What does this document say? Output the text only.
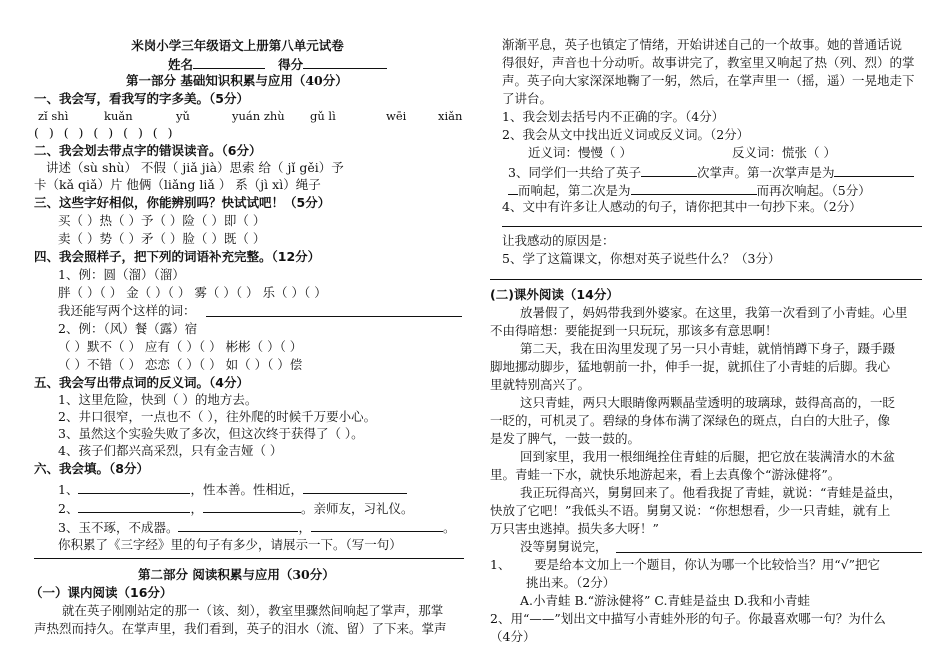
米岗小学三年级语文上册第八单元试卷
姓名	得分
第一部分 基础知识积累与应用（40分）
一、我会写，看我写的字多美。（5分）
zǐ shì	kuǎn	yǔ	yuán zhù gǔ lì	wēi	xiǎn
( ) ( ) ( ) ( ) ( )
二、我会划去带点字的错误读音。（6分）
讲述（sù shù） 不假（ jiǎ jià）思索 给（ jǐ gěi）予
卡（kǎ qiǎ）片 他俩（liǎng liǎ ） 系（jì xì）绳子
三、这些字好相似，你能辨别吗？快试试吧！（5分）
买（ ）热（ ）予（ ）险（ ）即（ ）
卖（ ）势（ ）矛（ ）脸（ ）既（ ）
四、我会照样子，把下列的词语补充完整。（12分）
1、例：圆（溜）（溜）
胖（ ）（ ） 金（ ）（ ） 雾（ ）（ ） 乐（ ）（ ）
我还能写两个这样的词：
2、例：（风）餐（露）宿
（ ）默不（ ） 应有（ ）（ ） 彬彬（ ）（ ）
（ ）不错（ ） 恋恋（ ）（ ） 如（ ）（ ）偿
五、我会写出带点词的反义词。（4分）
1、这里危险，快到（ ）的地方去。
2、井口很窄，一点也不（ ），往外爬的时候千万要小心。
3、虽然这个实验失败了多次，但这次终于获得了（ ）。
4、孩子们都兴高采烈，只有金吉娅（ ）
六、我会填。（8分）
1、	，性本善。性相近，
2、	，	。亲师友，习礼仪。
3、玉不琢，不成器。	，	。
你积累了《三字经》里的句子有多少，请展示一下。（写一句）
第二部分 阅读积累与应用（30分）
（一）课内阅读（16分）
就在英子刚刚站定的那一（该、刻），教室里骤然间响起了掌声，那掌
声热烈而持久。在掌声里，我们看到，英子的泪水（流、留）了下来。掌声
渐渐平息，英子也镇定了情绪，开始讲述自己的一个故事。她的普通话说
得很好，声音也十分动听。故事讲完了，教室里又响起了热（列、烈）的掌
声。英子向大家深深地鞠了一躬，然后，在掌声里一（摇，遥）一晃地走下
了讲台。
1、我会划去括号内不正确的字。（4分）
2、我会从文中找出近义词或反义词。（2分）
近义词：慢慢（ ）	反义词：慌张（ ）
3、同学们一共给了英子	次掌声。第一次掌声是为
而响起，第二次是为	而再次响起。（5分）
4、文中有许多让人感动的句子，请你把其中一句抄下来。（2分）
让我感动的原因是：
5、学了这篇课文，你想对英子说些什么？（3分）
(二)课外阅读（14分）
放暑假了，妈妈带我到外婆家。在这里，我第一次看到了小青蛙。心里
不由得暗想：要能捉到一只玩玩，那该多有意思啊！
第二天，我在田沟里发现了另一只小青蛙，就悄悄蹲下身子，蹑手蹑
脚地挪动脚步，猛地朝前一扑，伸手一捉，就抓住了小青蛙的后脚。我心
里就特别高兴了。
这只青蛙，两只大眼睛像两颗晶莹透明的玻璃球，鼓得高高的，一眨
一眨的，可机灵了。碧绿的身体布满了深绿色的斑点，白白的大肚子，像
是发了脾气，一鼓一鼓的。
回到家里，我用一根细绳拴住青蛙的后腿，把它放在装满清水的木盆
里。青蛙一下水，就快乐地游起来，看上去真像个“游泳健将”。
我正玩得高兴，舅舅回来了。他看我捉了青蛙，就说：“青蛙是益虫，
快放了它吧！”我低头不语。舅舅又说：“你想想看，少一只青蛙，就有上
万只害虫逃掉。损失多大呀！”
没等舅舅说完，
1、 要是给本文加上一个题目，你认为哪一个比较恰当？用“√”把它
挑出来。（2分）
A.小青蛙 B.“游泳健将” C.青蛙是益虫 D.我和小青蛙
2、用“——”划出文中描写小青蛙外形的句子。你最喜欢哪一句？为什么
（4分）
